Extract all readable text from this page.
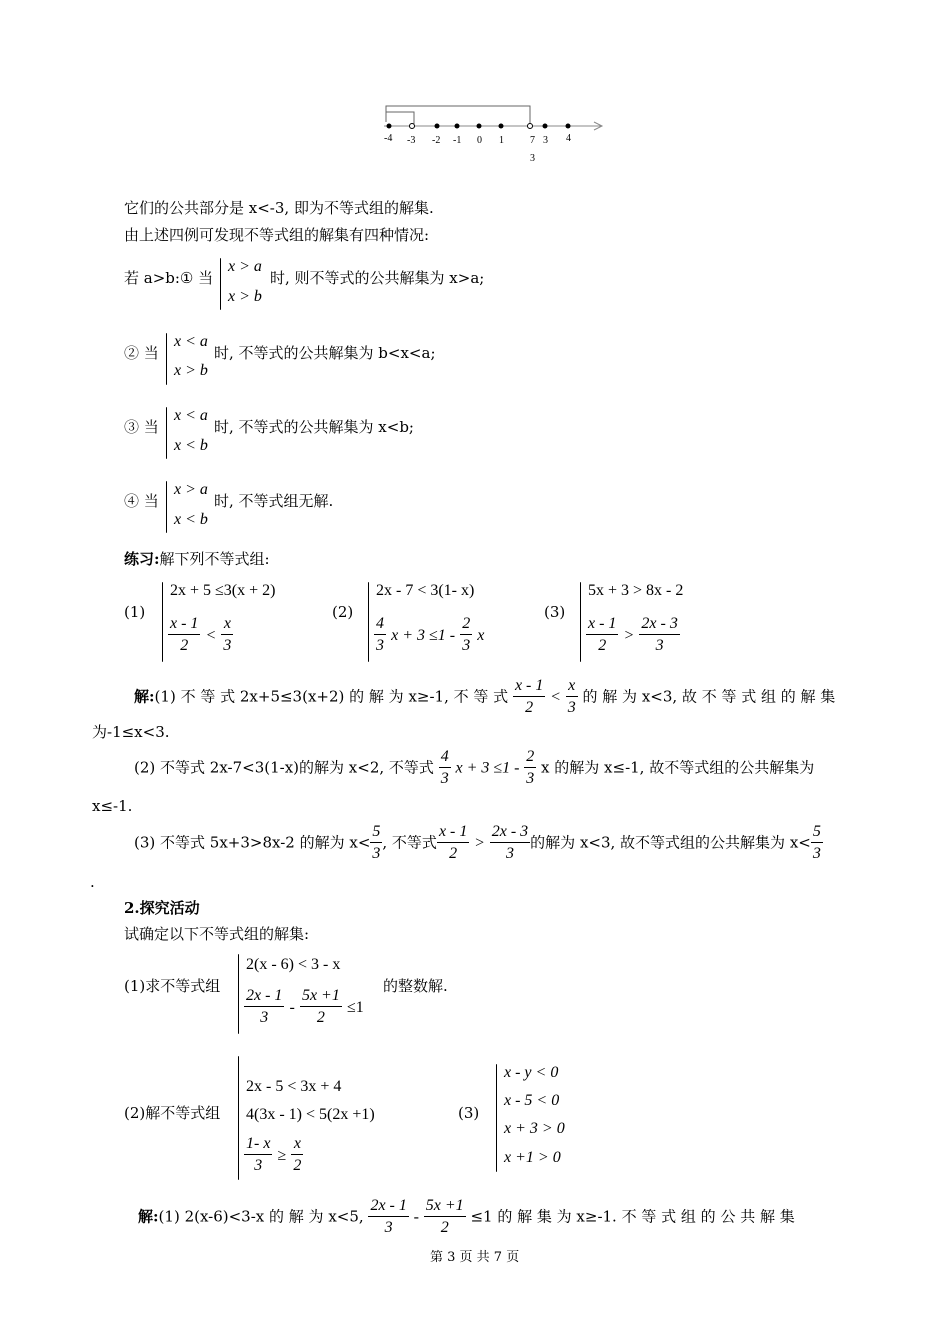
-4 -3 -2 -1 0 1	7
3
3 4
它们的公共部分是 x<-3, 即为不等式组的解集.
由上述四例可发现不等式组的解集有四种情况:
若 a>b:① 当
x > a
x > b
时, 则不等式的公共解集为 x>a;
② 当
x < a
x > b
时, 不等式的公共解集为 b<x<a;
③ 当
x < a
x < b
时, 不等式的公共解集为 x<b;
④ 当
x > a
x < b
时, 不等式组无解.
练习:解下列不等式组:
(1)
2x + 5 ≤3(x + 2)
$\frac{x - 1}{2} < \frac{x}{3}$
(2)
2x - 7 < 3(1- x)
$\frac{4}{3}$ $x + 3 \le 1 - \frac{2}{3}$ x
(3)
5x + 3 > 8x - 2
$\frac{x - 1}{2} > \frac{2x - 3}{3}$
解:(1) 不 等 式 2x+5≤3(x+2) 的 解 为 x≥-1, 不 等 式 $\frac{x - 1}{2} < \frac{x}{3}$ 的 解 为 x<3, 故 不 等 式 组 的 解 集
为-1≤x<3.
(2) 不等式 2x-7<3(1-x)的解为 x<2, 不等式 $\frac{4}{3}$ $x + 3 \le 1 - \frac{2}{3}$ x 的解为 x≤-1, 故不等式组的公共解集为
x≤-1.
(3) 不等式 5x+3>8x-2 的解为 $x< \frac{5}{3}$ , 不等式 $\frac{x - 1}{2} > \frac{2x - 3}{3}$ 的解为 x<3, 故不等式组的公共解集为 $x< \frac{5}{3}$
.
2.探究活动
试确定以下不等式组的解集:
(1)求不等式组
2(x - 6) < 3 - x
$\frac{2x - 1}{3} - \frac{5x +1}{2} \le 1$
的整数解.
(2)解不等式组
2x - 5 < 3x + 4
4(3x - 1) < 5(2x +1)
$\frac{1- x}{3} \ge \frac{x}{2}$
(3)
x - y < 0
x - 5 < 0
x + 3 > 0
x +1 > 0
解:(1) 2(x-6)<3-x 的 解 为 x<5, $\frac{2x - 1}{3} - \frac{5x +1}{2} \le 1$ 的 解 集 为 x≥-1. 不 等 式 组 的 公 共 解 集
第 3 页 共 7 页
